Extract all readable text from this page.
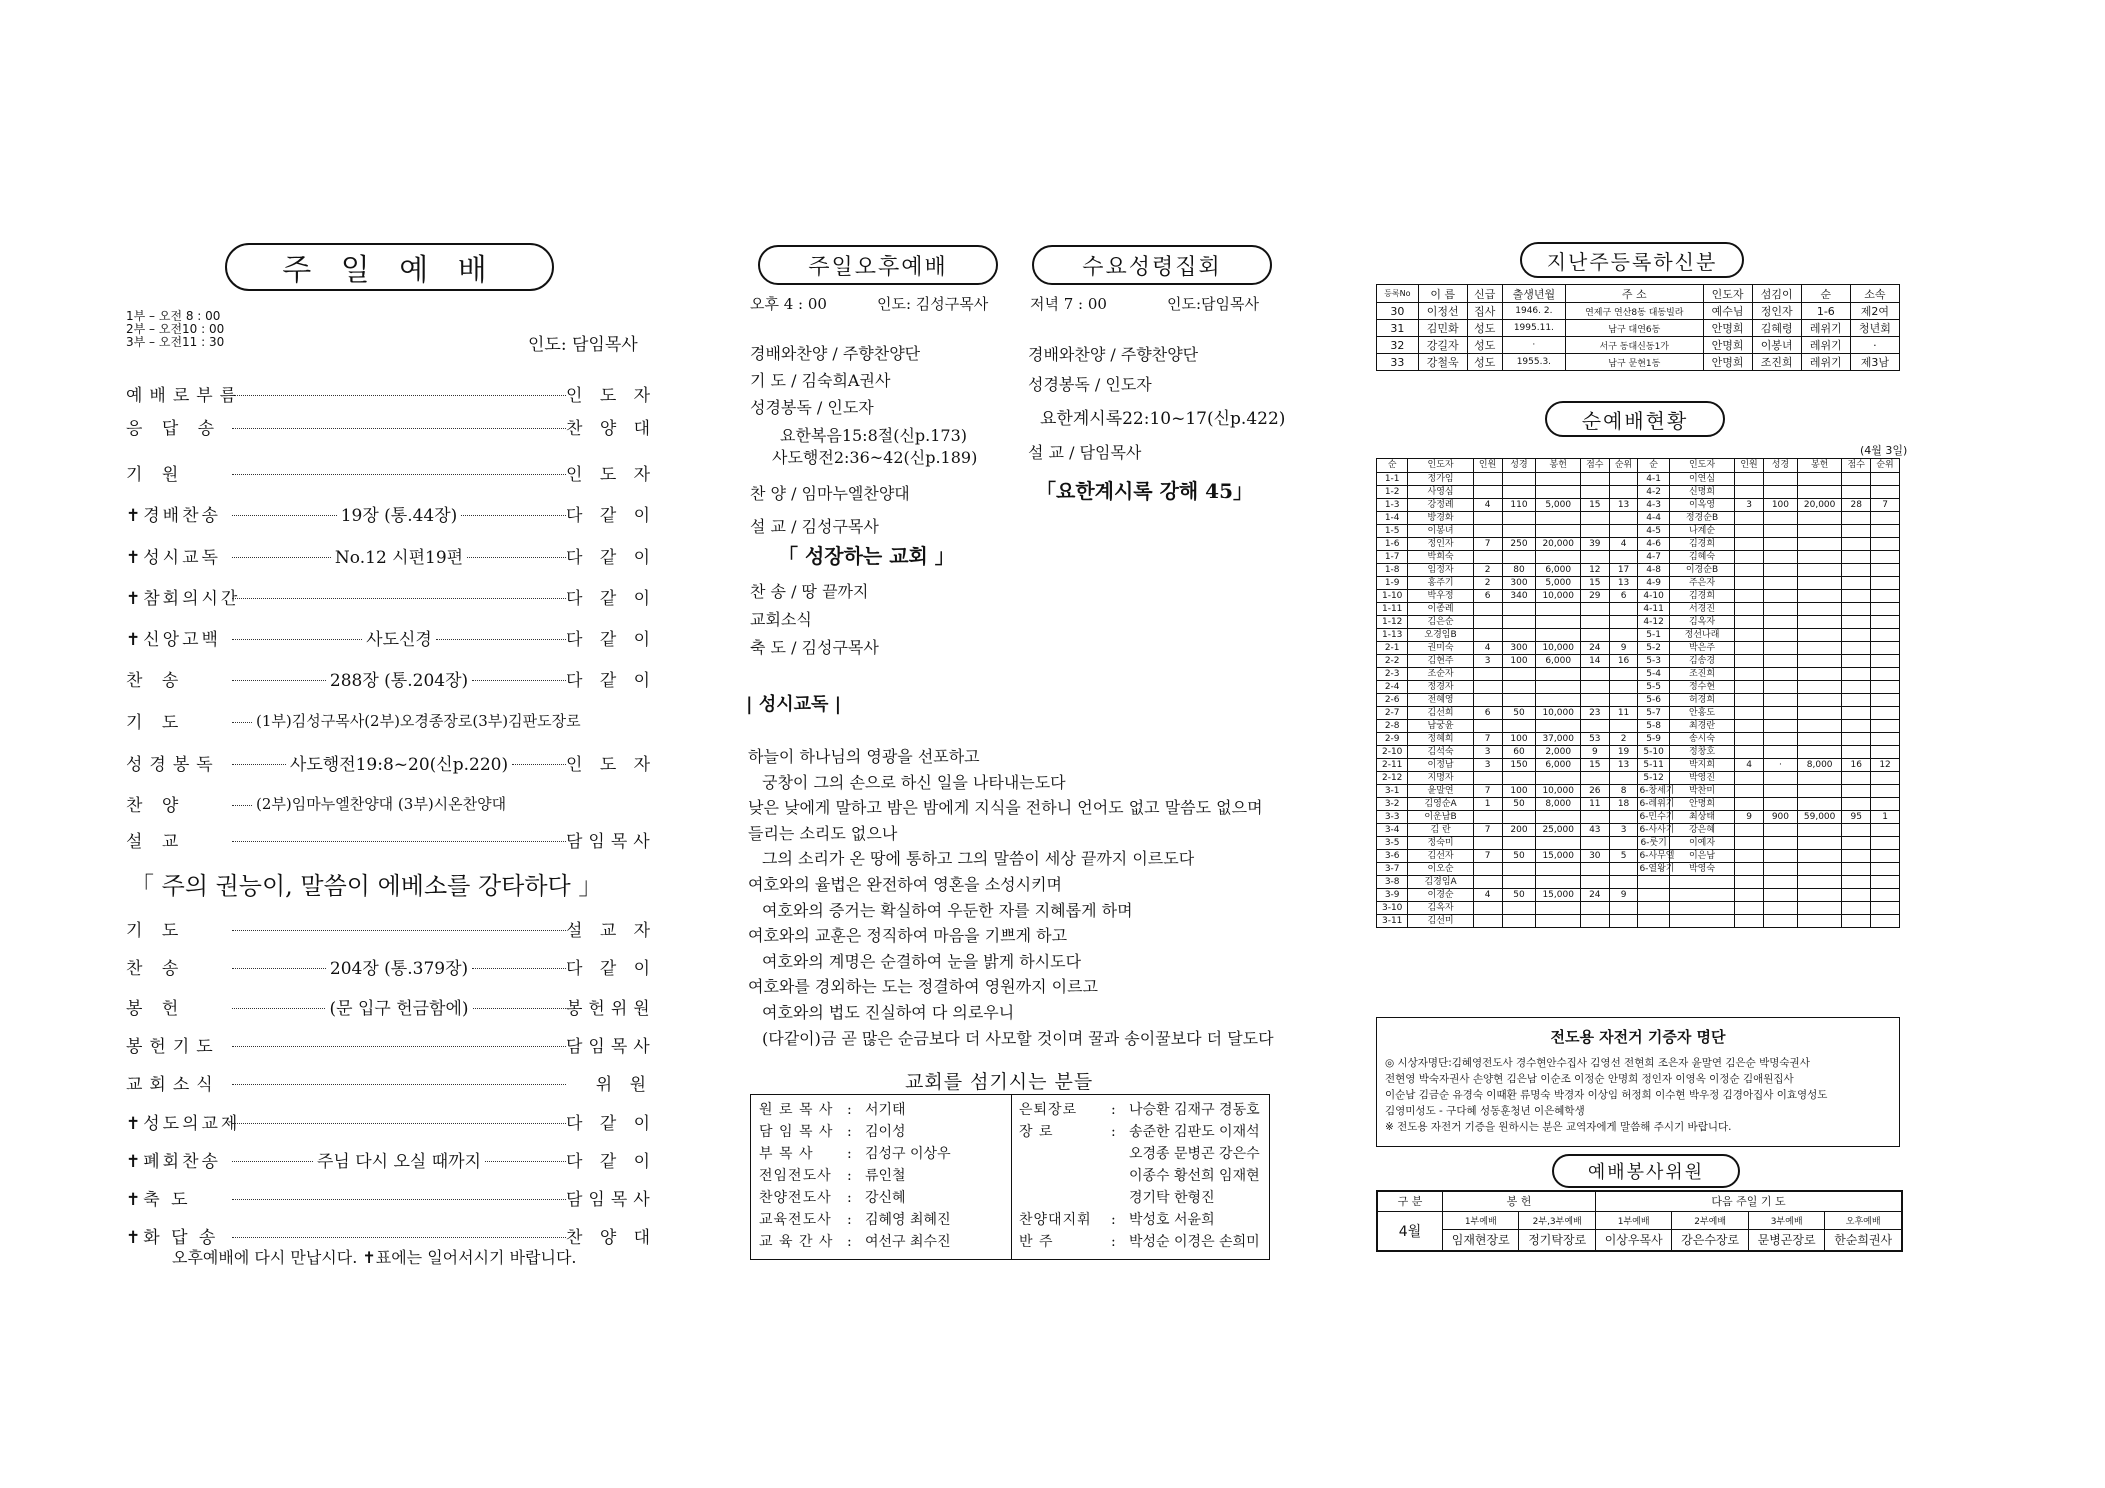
주 일 예 배
1부 – 오전 8 : 00
2부 – 오전10 : 00
3부 – 오전11 : 30	인도: 담임목사
예배로부름	인 도 자
응 답 송	찬 양 대
기 원	인 도 자
✝경배찬송	19장 (통.44장)	다 같 이
✝성시교독	No.12 시편19편	다 같 이
✝참회의시간	다 같 이
✝신앙고백	사도신경	다 같 이
찬 송	288장 (통.204장)	다 같 이
기 도	(1부)김성구목사(2부)오경종장로(3부)김판도장로
성경봉독	사도행전19:8~20(신p.220)	인 도 자
찬 양	(2부)임마누엘찬양대 (3부)시온찬양대
설 교	담임목사
「 주의 권능이, 말씀이 에베소를 강타하다 」
기 도	설 교 자
찬 송	204장 (통.379장)	다 같 이
봉 헌	(문 입구 헌금함에)	봉헌위원
봉헌기도	담임목사
교회소식	위 원
✝성도의교제	다 같 이
✝폐회찬송	주님 다시 오실 때까지	다 같 이
✝축 도	담임목사
✝화 답 송	찬 양 대
오후예배에 다시 만납시다. ✝표에는 일어서시기 바랍니다.
주일오후예배	수요성령집회
오후 4 : 00	인도: 김성구목사	저녁 7 : 00	인도:담임목사
경배와찬양 / 주향찬양단
기 도 / 김숙희A권사
성경봉독 / 인도자
요한복음15:8절(신p.173)
사도행전2:36~42(신p.189)
찬 양 / 임마누엘찬양대
설 교 / 김성구목사
「 성장하는 교회 」
찬 송 / 땅 끝까지
교회소식
축 도 / 김성구목사
경배와찬양 / 주향찬양단
성경봉독 / 인도자
요한계시록22:10~17(신p.422)
설 교 / 담임목사
「요한계시록 강해 45」
| 성시교독 |
하늘이 하나님의 영광을 선포하고
궁창이 그의 손으로 하신 일을 나타내는도다
낮은 낮에게 말하고 밤은 밤에게 지식을 전하니 언어도 없고 말씀도 없으며
들리는 소리도 없으나
그의 소리가 온 땅에 통하고 그의 말씀이 세상 끝까지 이르도다
여호와의 율법은 완전하여 영혼을 소성시키며
여호와의 증거는 확실하여 우둔한 자를 지혜롭게 하며
여호와의 교훈은 정직하여 마음을 기쁘게 하고
여호와의 계명은 순결하여 눈을 밝게 하시도다
여호와를 경외하는 도는 정결하여 영원까지 이르고
여호와의 법도 진실하여 다 의로우니
(다같이)금 곧 많은 순금보다 더 사모할 것이며 꿀과 송이꿀보다 더 달도다
교회를 섬기시는 분들
원 로 목 사 : 서기태
담 임 목 사 : 김이성
부 목 사	: 김성구 이상우
전임전도사	: 류인철
찬양전도사	: 강신혜
교육전도사	: 김혜영 최혜진
교 육 간 사 : 여선구 최수진
은퇴장로	: 나승환 김재구 경동호
장 로	: 송준한 김판도 이재석
오경종 문병곤 강은수
이종수 황선희 임재현
경기탁 한형진
찬양대지휘	: 박성호 서윤희
반 주	: 박성순 이경은 손희미
지난주등록하신분
등록No	이 름	신급	출생년월	주 소	인도자	섬김이	순	소속
30	이정선	집사	1946. 2.	연제구 연산8동 대동빌라	예수님	정인자	1-6	제2여
31	김민화	성도	1995.11.	남구 대연6동	안명희	김혜령	레위기	청년회
32	강길자	성도	·	서구 동대신동1가	안명희	이봉녀	레위기	·
33	강철욱	성도	1955.3.	남구 문현1동	안명희	조진희	레위기	제3남
순예배현황
(4월 3일)
순	인도자	인원	성경	봉헌	점수	순위	순	인도자	인원	성경	봉헌	점수	순위
1-1	정가임						4-1	이연심					
1-2	사영심						4-2	신명희					
1-3	강정례	4	110	5,000	15	13	4-3	이옥영	3	100	20,000	28	7
1-4	방경화						4-4	정경순B					
1-5	이봉녀						4-5	나계순					
1-6	정인자	7	250	20,000	39	4	4-6	김경희					
1-7	박희숙						4-7	김혜숙					
1-8	임정자	2	80	6,000	12	17	4-8	이경순B					
1-9	홍주기	2	300	5,000	15	13	4-9	주은자					
1-10	박우정	6	340	10,000	29	6	4-10	김경희					
1-11	이종례						4-11	서경진					
1-12	김은순						4-12	김옥자					
1-13	오경임B						5-1	정선나래					
2-1	권미숙	4	300	10,000	24	9	5-2	박은주					
2-2	김현주	3	100	6,000	14	16	5-3	김송경					
2-3	조순자						5-4	조진희					
2-4	정경자						5-5	정수현					
2-6	전혜영						5-6	허경희					
2-7	김선희	6	50	10,000	23	11	5-7	안홍도					
2-8	남궁윤						5-8	최경란					
2-9	정혜희	7	100	37,000	53	2	5-9	송시숙					
2-10	김석숙	3	60	2,000	9	19	5-10	정창호					
2-11	이정남	3	150	6,000	15	13	5-11	박지희	4	·	8,000	16	12
2-12	지명자						5-12	박영진					
3-1	윤말연	7	100	10,000	26	8	6-창세기	박찬미					
3-2	김영순A	1	50	8,000	11	18	6-레위기	안명희					
3-3	이운남B						6-민수기	최상태	9	900	59,000	95	1
3-4	김 란	7	200	25,000	43	3	6-사사기	강은혜					
3-5	정숙미						6-룻기	이예자					
3-6	김선자	7	50	15,000	30	5	6-사무엘	이은남					
3-7	이오순						6-열왕기	박영숙					
3-8	김경임A												
3-9	이경순	4	50	15,000	24	9							
3-10	김옥자												
3-11	김선미												
전도용 자전거 기증자 명단
◎ 시상자명단:김혜영전도사 경수현안수집사 김영선 전현희 조은자 윤말연 김은순 박명숙권사
전현영 박숙자권사 손양현 김은남 이순조 이정순 안명희 정인자 이영옥 이정순 김애원집사
이순남 김금순 유경숙 이때환 류명숙 박경자 이상임 허정희 이수현 박우정 김경아집사 이효영성도
김영미성도 - 구다혜 성동훈청년 이은혜학생
※ 전도용 자전거 기증을 원하시는 분은 교역자에게 말씀해 주시기 바랍니다.
예배봉사위원
구 분	봉 헌		다음 주일 기 도			
4월	1부예배	2부,3부예배	1부예배	2부예배	3부예배	오후예배
	임재현장로	정기탁장로	이상우목사	강은수장로	문병곤장로	한순희권사
